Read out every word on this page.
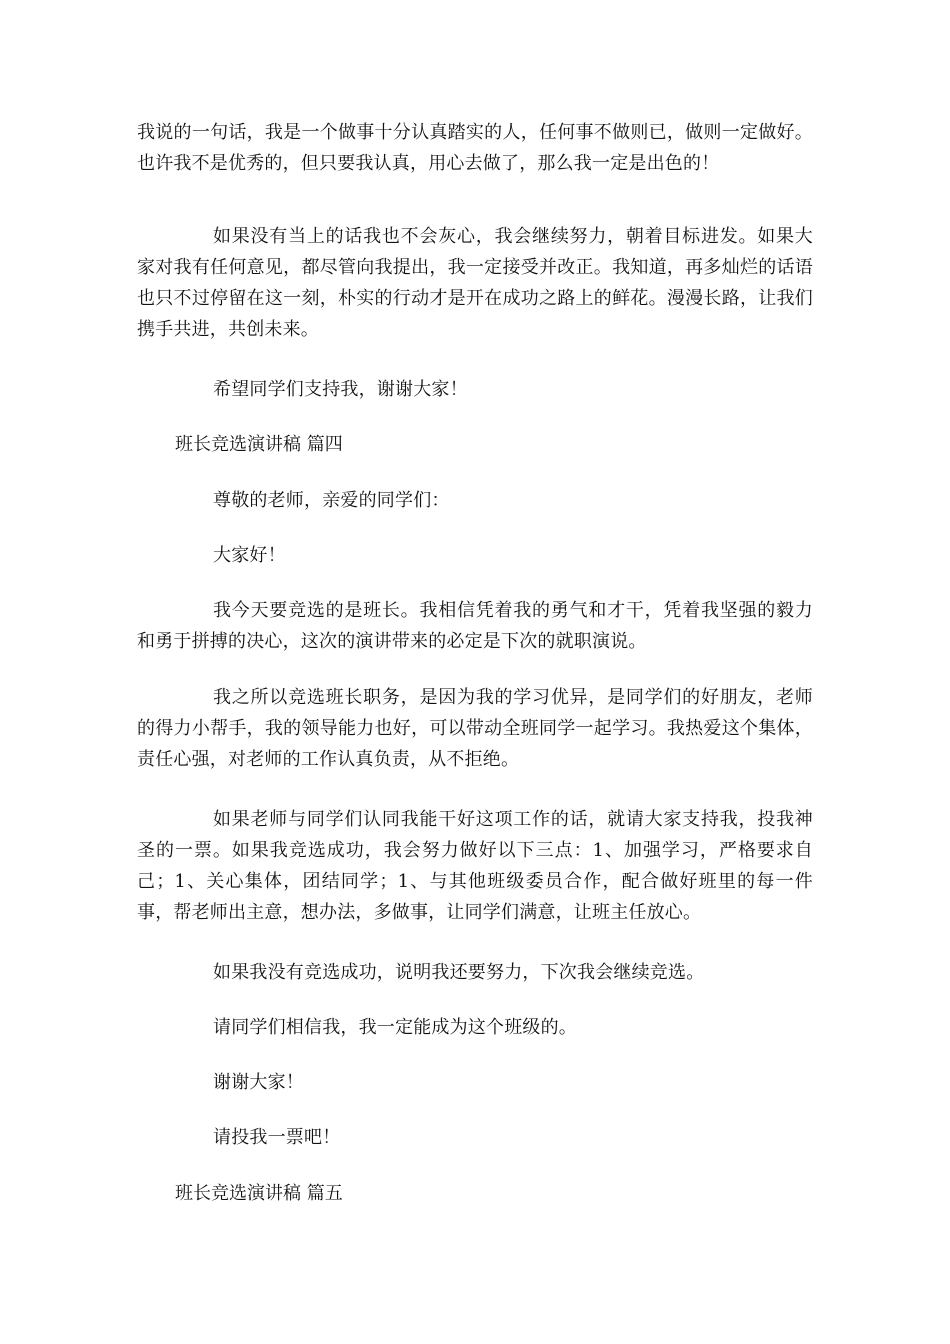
我说的一句话，我是一个做事十分认真踏实的人，任何事不做则已，做则一定做好。也许我不是优秀的，但只要我认真，用心去做了，那么我一定是出色的！

如果没有当上的话我也不会灰心，我会继续努力，朝着目标进发。如果大家对我有任何意见，都尽管向我提出，我一定接受并改正。我知道，再多灿烂的话语也只不过停留在这一刻，朴实的行动才是开在成功之路上的鲜花。漫漫长路，让我们携手共进，共创未来。

希望同学们支持我，谢谢大家！

班长竞选演讲稿 篇四

尊敬的老师，亲爱的同学们：

大家好！

我今天要竞选的是班长。我相信凭着我的勇气和才干，凭着我坚强的毅力和勇于拼搏的决心，这次的演讲带来的必定是下次的就职演说。

我之所以竞选班长职务，是因为我的学习优异，是同学们的好朋友，老师的得力小帮手，我的领导能力也好，可以带动全班同学一起学习。我热爱这个集体，责任心强，对老师的工作认真负责，从不拒绝。

如果老师与同学们认同我能干好这项工作的话，就请大家支持我，投我神圣的一票。如果我竞选成功，我会努力做好以下三点：1、加强学习，严格要求自己；1、关心集体，团结同学；1、与其他班级委员合作，配合做好班里的每一件事，帮老师出主意，想办法，多做事，让同学们满意，让班主任放心。

如果我没有竞选成功，说明我还要努力，下次我会继续竞选。

请同学们相信我，我一定能成为这个班级的。

谢谢大家！

请投我一票吧！

班长竞选演讲稿 篇五
